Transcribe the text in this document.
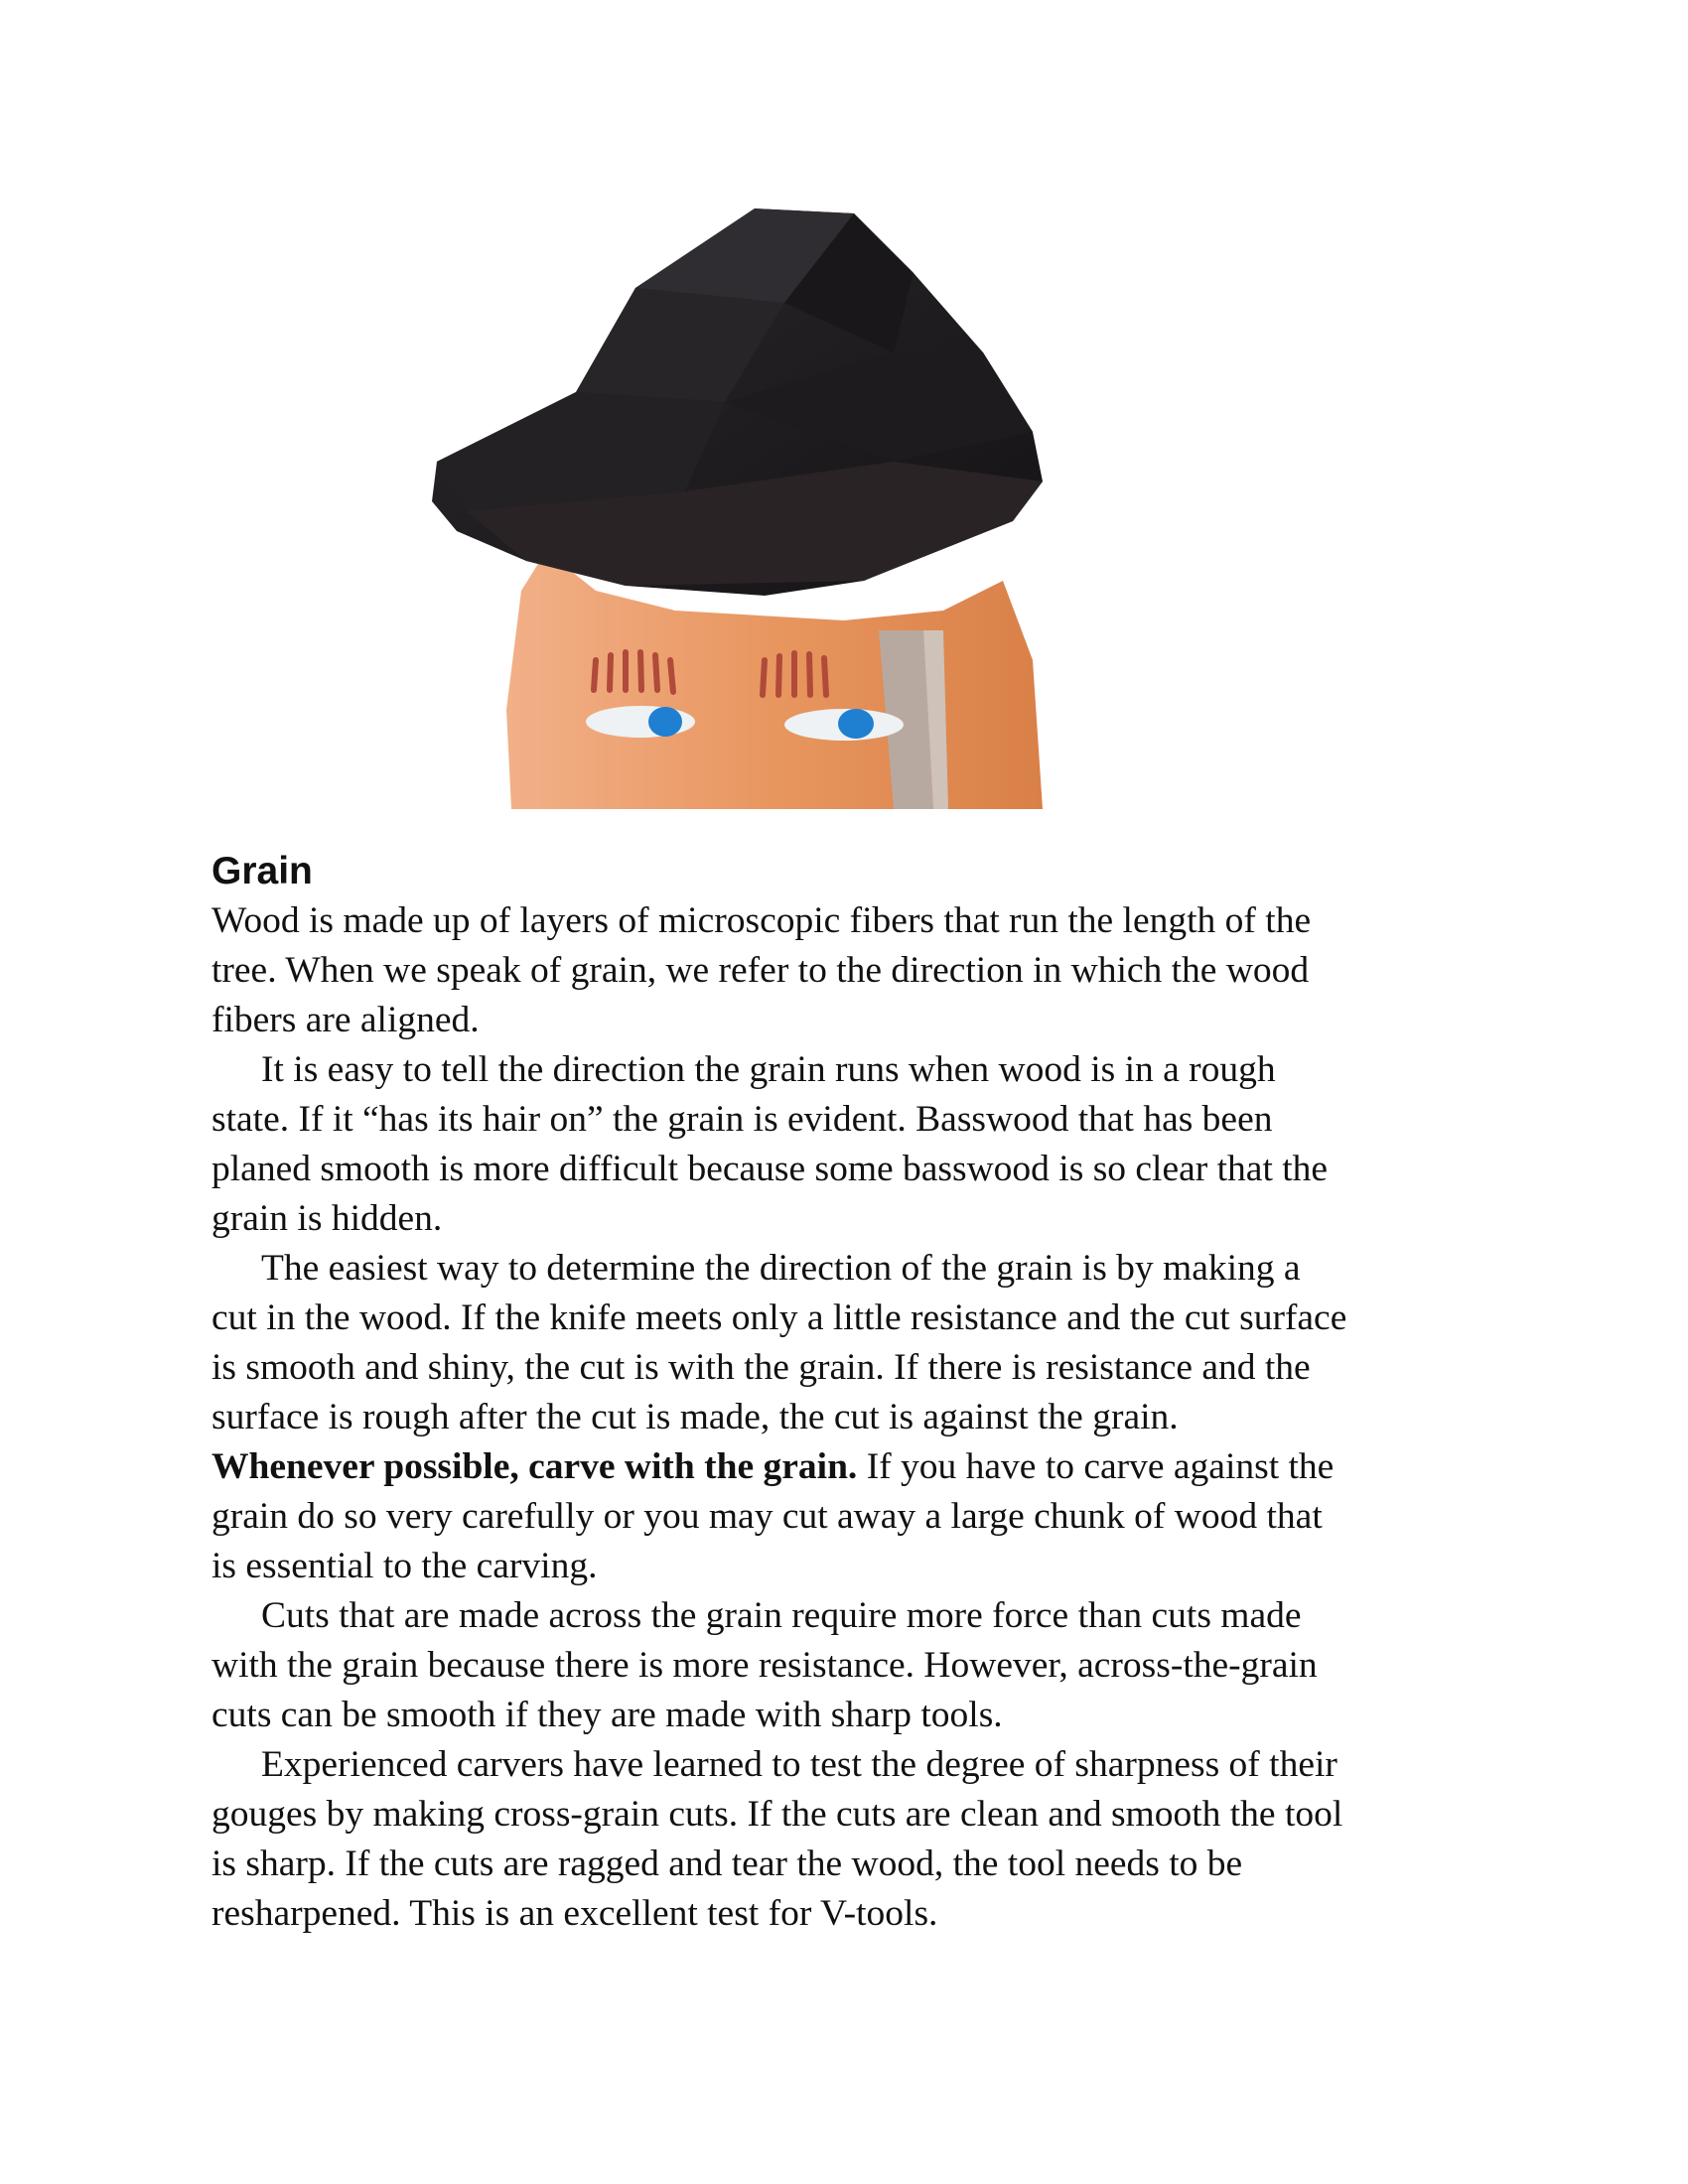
Grain
Wood is made up of layers of microscopic fibers that run the length of the
tree. When we speak of grain, we refer to the direction in which the wood
fibers are aligned.
It is easy to tell the direction the grain runs when wood is in a rough
state. If it “has its hair on” the grain is evident. Basswood that has been
planed smooth is more difficult because some basswood is so clear that the
grain is hidden.
The easiest way to determine the direction of the grain is by making a
cut in the wood. If the knife meets only a little resistance and the cut surface
is smooth and shiny, the cut is with the grain. If there is resistance and the
surface is rough after the cut is made, the cut is against the grain.
Whenever possible, carve with the grain. If you have to carve against the
grain do so very carefully or you may cut away a large chunk of wood that
is essential to the carving.
Cuts that are made across the grain require more force than cuts made
with the grain because there is more resistance. However, across-the-grain
cuts can be smooth if they are made with sharp tools.
Experienced carvers have learned to test the degree of sharpness of their
gouges by making cross-grain cuts. If the cuts are clean and smooth the tool
is sharp. If the cuts are ragged and tear the wood, the tool needs to be
resharpened. This is an excellent test for V-tools.
